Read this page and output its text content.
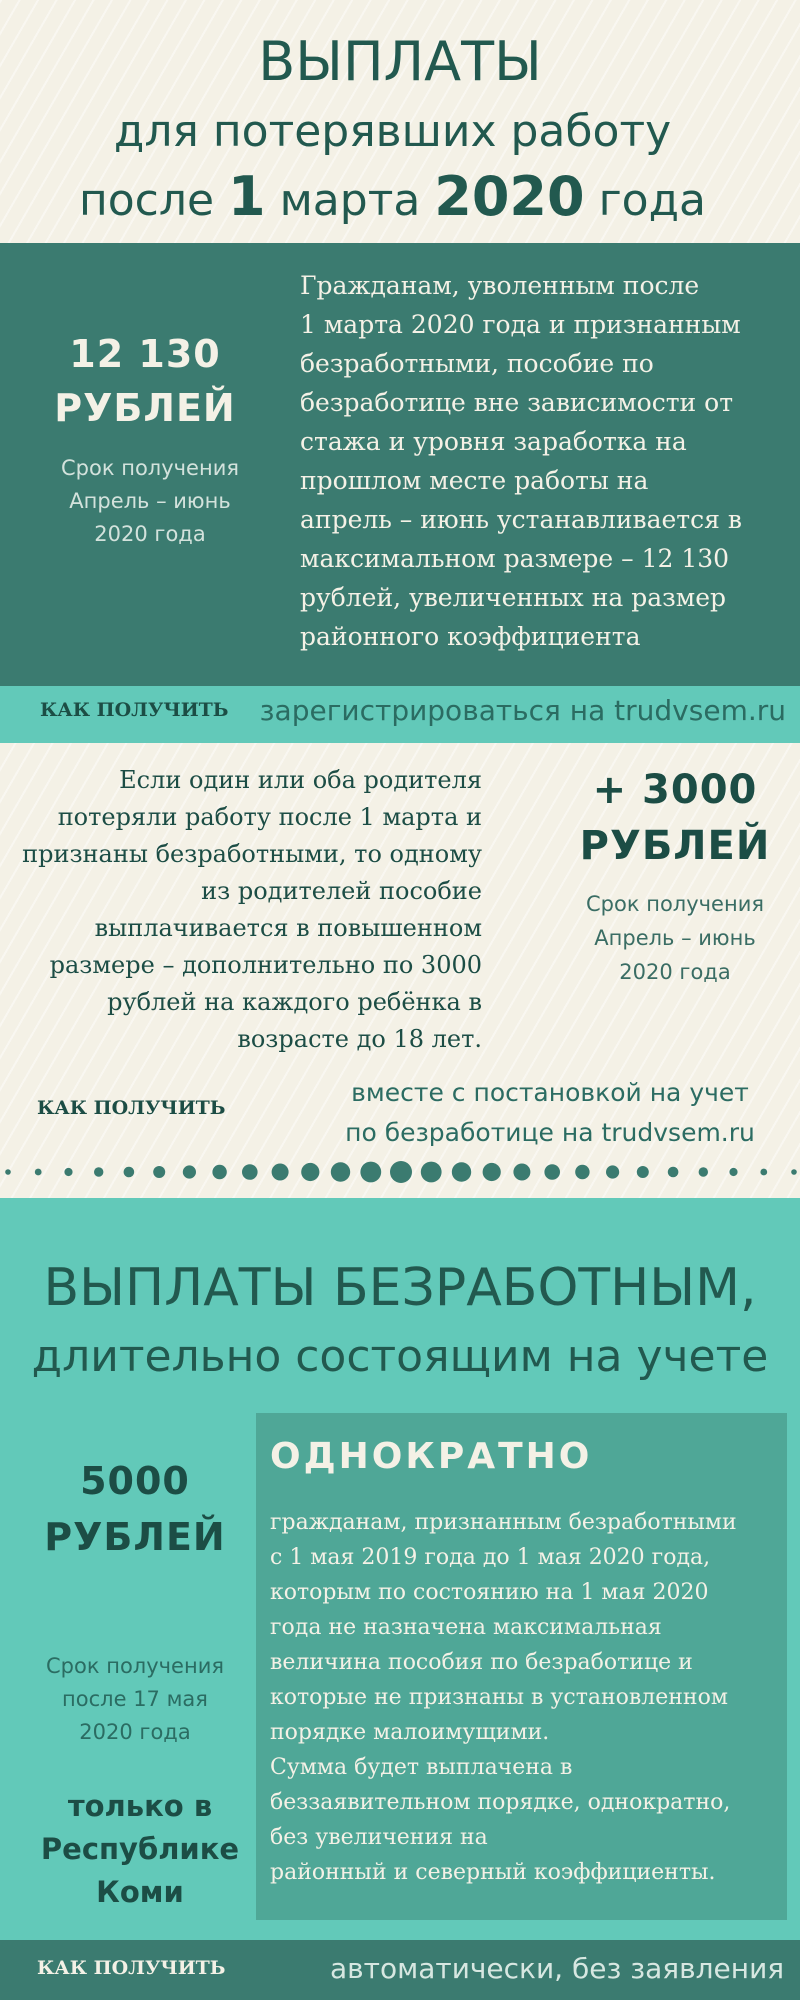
ВЫПЛАТЫ
для потерявших работу
после 1 марта 2020 года
12 130
РУБЛЕЙ
Срок получения
Апрель – июнь
2020 года
Гражданам, уволенным после
1 марта 2020 года и признанным
безработными, пособие по
безработице вне зависимости от
стажа и уровня заработка на
прошлом месте работы на
апрель – июнь устанавливается в
максимальном размере – 12 130
рублей, увеличенных на размер
районного коэффициента
КАК ПОЛУЧИТЬ зарегистрироваться на trudvsem.ru
Если один или оба родителя
потеряли работу после 1 марта и
признаны безработными, то одному
из родителей пособие
выплачивается в повышенном
размере – дополнительно по 3000
рублей на каждого ребёнка в
возрасте до 18 лет.
+ 3000
РУБЛЕЙ
Срок получения
Апрель – июнь
2020 года
КАК ПОЛУЧИТЬ
вместе с постановкой на учет
по безработице на trudvsem.ru
ВЫПЛАТЫ БЕЗРАБОТНЫМ,
длительно состоящим на учете
5000
РУБЛЕЙ
Срок получения
после 17 мая
2020 года
только в
Республике
Коми
ОДНОКРАТНО
гражданам, признанным безработными
с 1 мая 2019 года до 1 мая 2020 года,
которым по состоянию на 1 мая 2020
года не назначена максимальная
величина пособия по безработице и
которые не признаны в установленном
порядке малоимущими.
Сумма будет выплачена в
беззаявительном порядке, однократно,
без увеличения на
районный и северный коэффициенты.
КАК ПОЛУЧИТЬ	автоматически, без заявления
